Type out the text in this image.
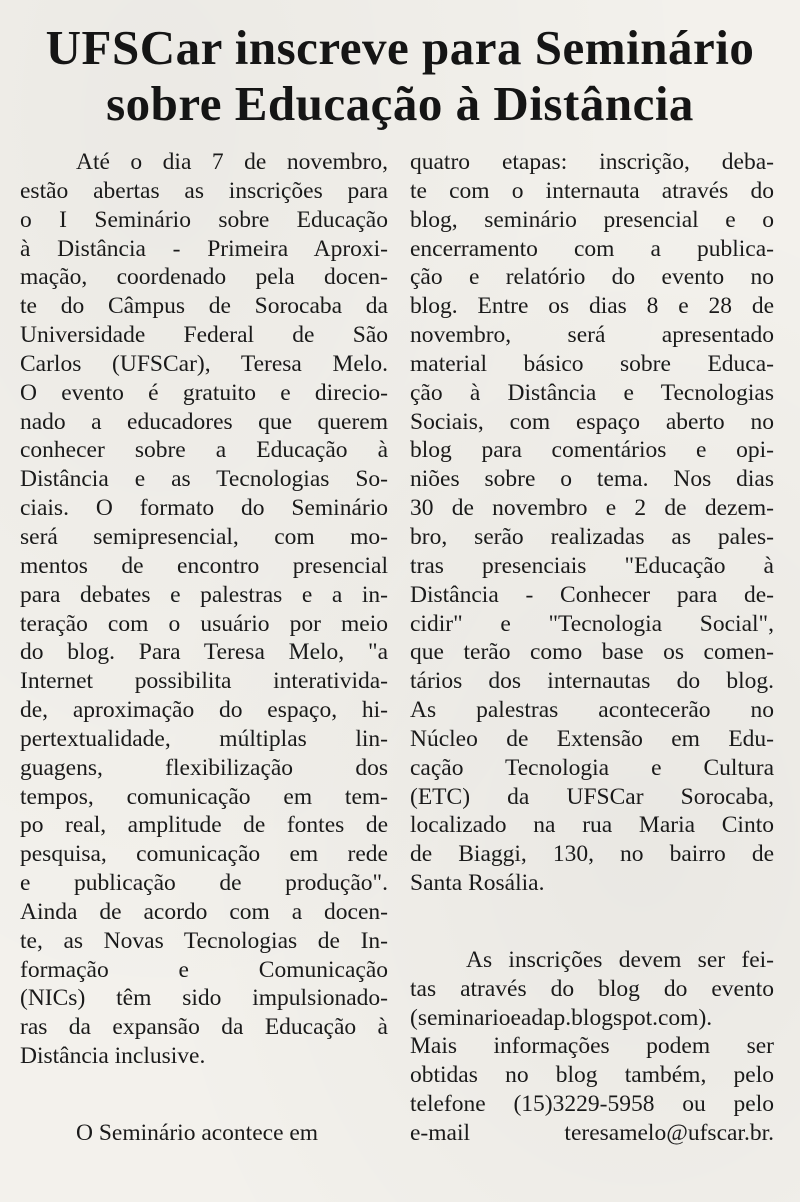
UFSCar inscreve para Seminário
sobre Educação à Distância
Até o dia 7 de novembro,
estão abertas as inscrições para
o I Seminário sobre Educação
à Distância - Primeira Aproxi-
mação, coordenado pela docen-
te do Câmpus de Sorocaba da
Universidade Federal de São
Carlos (UFSCar), Teresa Melo.
O evento é gratuito e direcio-
nado a educadores que querem
conhecer sobre a Educação à
Distância e as Tecnologias So-
ciais. O formato do Seminário
será semipresencial, com mo-
mentos de encontro presencial
para debates e palestras e a in-
teração com o usuário por meio
do blog. Para Teresa Melo, "a
Internet possibilita interativida-
de, aproximação do espaço, hi-
pertextualidade, múltiplas lin-
guagens, flexibilização dos
tempos, comunicação em tem-
po real, amplitude de fontes de
pesquisa, comunicação em rede
e publicação de produção".
Ainda de acordo com a docen-
te, as Novas Tecnologias de In-
formação e Comunicação
(NICs) têm sido impulsionado-
ras da expansão da Educação à
Distância inclusive.
O Seminário acontece em
quatro etapas: inscrição, deba-
te com o internauta através do
blog, seminário presencial e o
encerramento com a publica-
ção e relatório do evento no
blog. Entre os dias 8 e 28 de
novembro, será apresentado
material básico sobre Educa-
ção à Distância e Tecnologias
Sociais, com espaço aberto no
blog para comentários e opi-
niões sobre o tema. Nos dias
30 de novembro e 2 de dezem-
bro, serão realizadas as pales-
tras presenciais "Educação à
Distância - Conhecer para de-
cidir" e "Tecnologia Social",
que terão como base os comen-
tários dos internautas do blog.
As palestras acontecerão no
Núcleo de Extensão em Edu-
cação Tecnologia e Cultura
(ETC) da UFSCar Sorocaba,
localizado na rua Maria Cinto
de Biaggi, 130, no bairro de
Santa Rosália.
As inscrições devem ser fei-
tas através do blog do evento
(seminarioeadap.blogspot.com).
Mais informações podem ser
obtidas no blog também, pelo
telefone (15)3229-5958 ou pelo
e-mail teresamelo@ufscar.br.
